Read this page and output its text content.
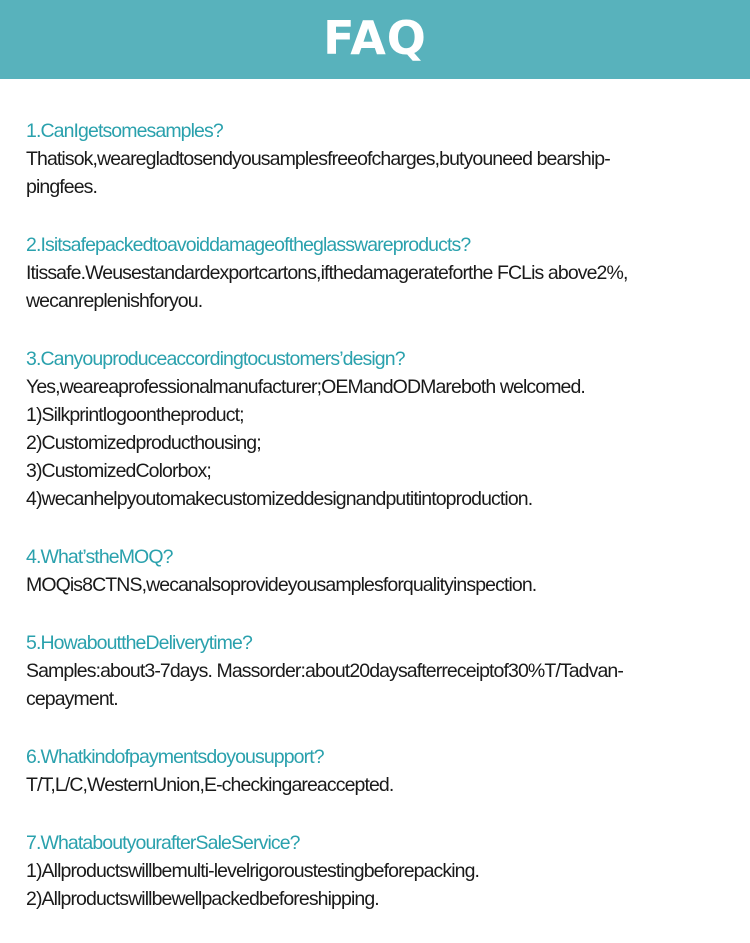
FAQ
1.CanIgetsomesamples?
Thatisok,wearegladtosendyousamplesfreeofcharges,butyouneed bearship-
pingfees.
2.Isitsafepackedtoavoiddamageoftheglasswareproducts?
Itissafe.Weusestandardexportcartons,ifthedamagerateforthe FCLis above2%,
wecanreplenishforyou.
3.Canyouproduceaccordingtocustomers’design?
Yes,weareaprofessionalmanufacturer;OEMandODMareboth welcomed.
1)Silkprintlogoontheproduct;
2)Customizedproducthousing;
3)CustomizedColorbox;
4)wecanhelpyoutomakecustomizeddesignandputitintoproduction.
4.What’stheMOQ?
MOQis8CTNS,wecanalsoprovideyousamplesforqualityinspection.
5.HowabouttheDeliverytime?
Samples:about3-7days. Massorder:about20daysafterreceiptof30%T/Tadvan-
cepayment.
6.Whatkindofpaymentsdoyousupport?
T/T,L/C,WesternUnion,E-checkingareaccepted.
7.WhataboutyourafterSaleService?
1)Allproductswillbemulti-levelrigoroustestingbeforepacking.
2)Allproductswillbewellpackedbeforeshipping.
